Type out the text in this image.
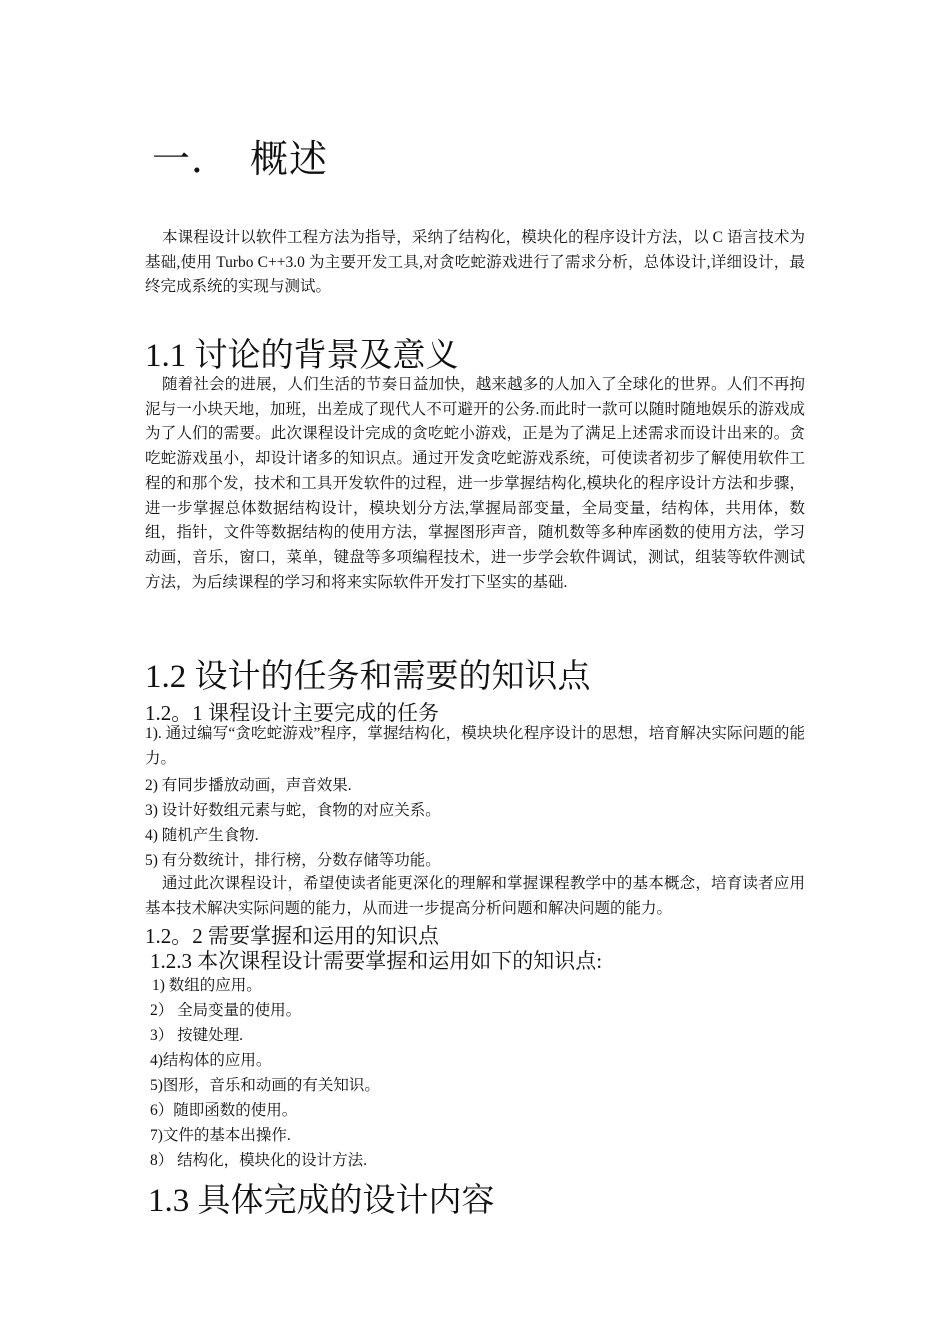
一． 概述
本课程设计以软件工程方法为指导，采纳了结构化，模块化的程序设计方法，以 C 语言技术为基础,使用 Turbo C++3.0 为主要开发工具,对贪吃蛇游戏进行了需求分析，总体设计,详细设计，最终完成系统的实现与测试。
1.1 讨论的背景及意义
随着社会的进展，人们生活的节奏日益加快，越来越多的人加入了全球化的世界。人们不再拘泥与一小块天地，加班，出差成了现代人不可避开的公务.而此时一款可以随时随地娱乐的游戏成为了人们的需要。此次课程设计完成的贪吃蛇小游戏，正是为了满足上述需求而设计出来的。贪吃蛇游戏虽小，却设计诸多的知识点。通过开发贪吃蛇游戏系统，可使读者初步了解使用软件工程的和那个发，技术和工具开发软件的过程，进一步掌握结构化,模块化的程序设计方法和步骤，进一步掌握总体数据结构设计，模块划分方法,掌握局部变量，全局变量，结构体，共用体，数组，指针，文件等数据结构的使用方法，掌握图形声音，随机数等多种库函数的使用方法，学习动画，音乐，窗口，菜单，键盘等多项编程技术，进一步学会软件调试，测试，组装等软件测试方法，为后续课程的学习和将来实际软件开发打下坚实的基础.
1.2 设计的任务和需要的知识点
1.2。1 课程设计主要完成的任务
1). 通过编写“贪吃蛇游戏”程序，掌握结构化，模块块化程序设计的思想，培育解决实际问题的能力。
2) 有同步播放动画，声音效果.
3) 设计好数组元素与蛇，食物的对应关系。
4) 随机产生食物.
5) 有分数统计，排行榜，分数存储等功能。
通过此次课程设计，希望使读者能更深化的理解和掌握课程教学中的基本概念，培育读者应用基本技术解决实际问题的能力，从而进一步提高分析问题和解决问题的能力。
1.2。2 需要掌握和运用的知识点
1.2.3 本次课程设计需要掌握和运用如下的知识点:
1) 数组的应用。
2） 全局变量的使用。
3） 按键处理.
4)结构体的应用。
5)图形，音乐和动画的有关知识。
6）随即函数的使用。
7)文件的基本出操作.
8） 结构化，模块化的设计方法.
1.3 具体完成的设计内容
